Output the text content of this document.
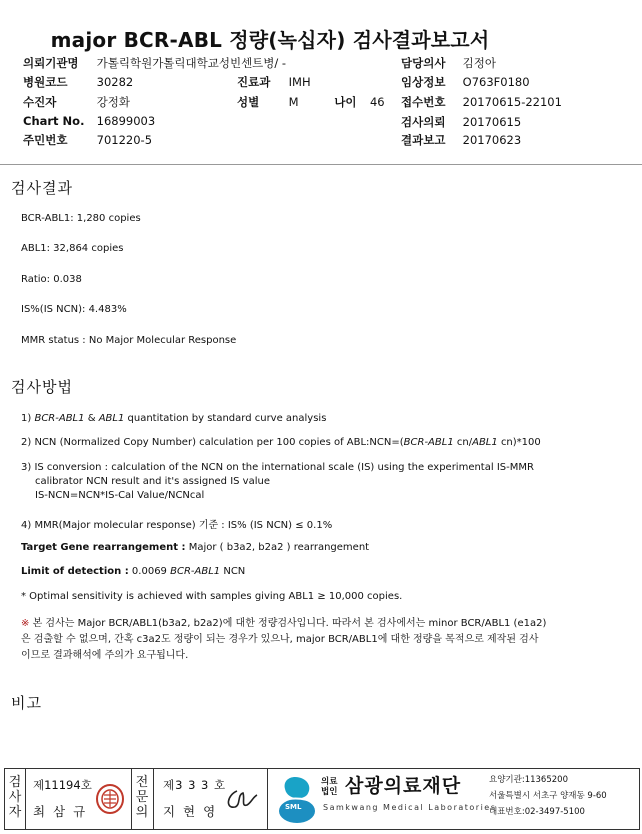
major BCR-ABL 정량(녹십자) 검사결과보고서
의뢰기관명 가톨릭학원가톨릭대학교성빈센트병/ -
병원코드	30282
수진자	강정화
Chart No. 16899003
주민번호	701220-5
진료과 IMH
성별	M	나이 46
담당의사 김정아
임상정보 O763F0180
접수번호 20170615-22101
검사의뢰 20170615
결과보고 20170623
검사결과
BCR-ABL1: 1,280 copies
ABL1: 32,864 copies
Ratio: 0.038
IS%(IS NCN): 4.483%
MMR status : No Major Molecular Response
검사방법
1) BCR-ABL1 & ABL1 quantitation by standard curve analysis
2) NCN (Normalized Copy Number) calculation per 100 copies of ABL:NCN=(BCR-ABL1 cn/ABL1 cn)*100
3) IS conversion : calculation of the NCN on the international scale (IS) using the experimental IS-MMR
calibrator NCN result and it's assigned IS value
IS-NCN=NCN*IS-Cal Value/NCNcal
4) MMR(Major molecular response) 기준 : IS% (IS NCN) ≤ 0.1%
Target Gene rearrangement : Major ( b3a2, b2a2 ) rearrangement
Limit of detection : 0.0069 BCR-ABL1 NCN
* Optimal sensitivity is achieved with samples giving ABL1 ≥ 10,000 copies.
※ 본 검사는 Major BCR/ABL1(b3a2, b2a2)에 대한 정량검사입니다. 따라서 본 검사에서는 minor BCR/ABL1 (e1a2)
은 검출할 수 없으며, 간혹 c3a2도 정량이 되는 경우가 있으나, major BCR/ABL1에 대한 정량을 목적으로 제작된 검사
이므로 결과해석에 주의가 요구됩니다.
비고
검
사
자
제11194호
최 삼 규
전
문
의
제3 3 3 호
지 현 영	SML
의료
법인 삼광의료재단
Samkwang Medical Laboratories
요양기관:11365200
서울특별시 서초구 양재동 9-60
대표번호:02-3497-5100
